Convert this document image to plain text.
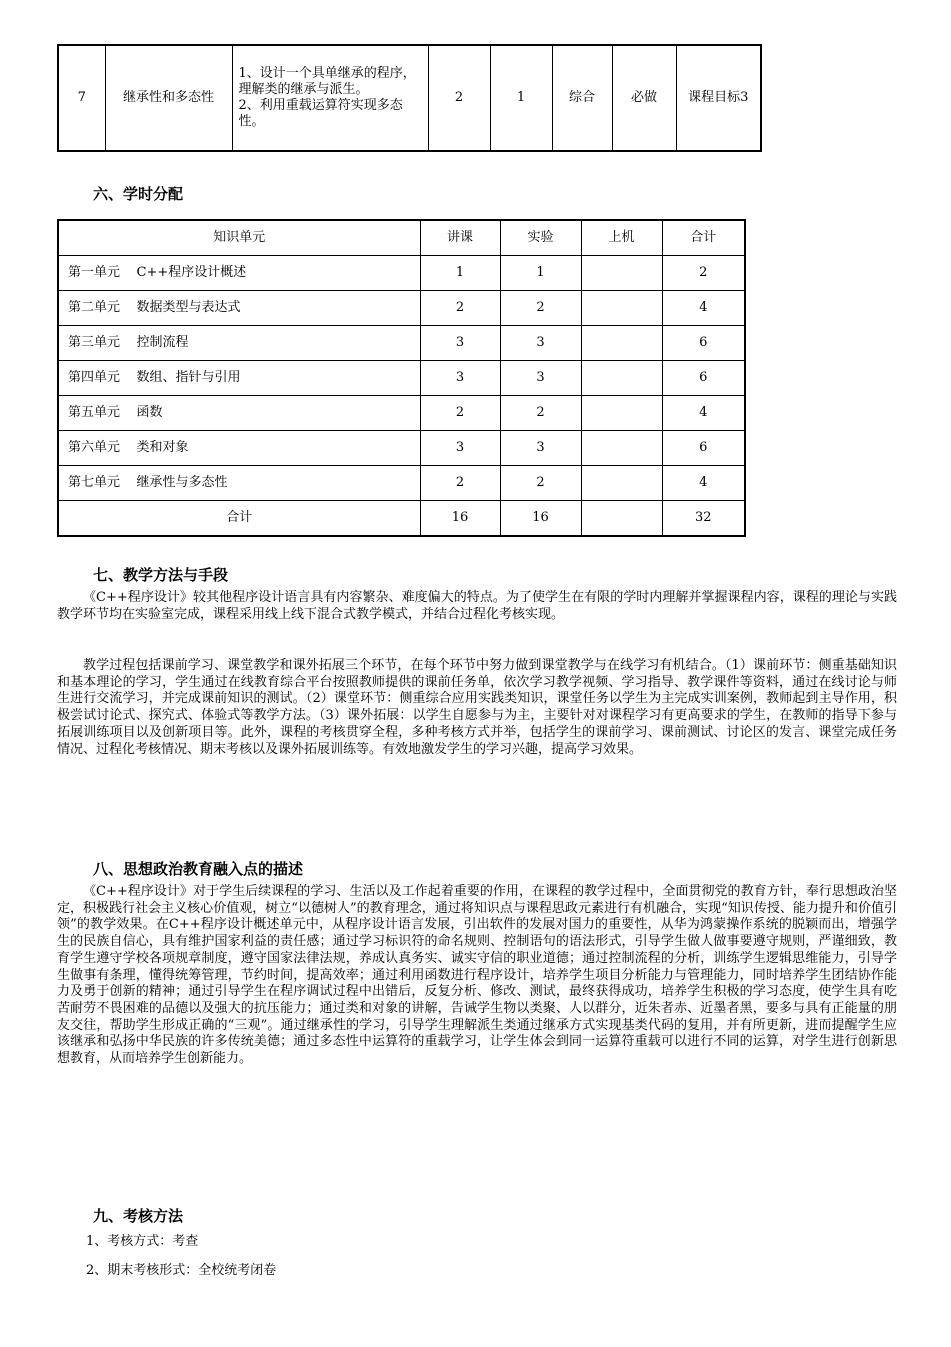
7	继承性和多态性	1、设计一个具单继承的程序，理解类的继承与派生。
2、利用重载运算符实现多态性。	2	1	综合	必做	课程目标3
六、学时分配
知识单元	讲课	实验	上机	合计
第一单元    C++程序设计概述	1	1		2
第二单元    数据类型与表达式	2	2		4
第三单元    控制流程	3	3		6
第四单元    数组、指针与引用	3	3		6
第五单元    函数	2	2		4
第六单元    类和对象	3	3		6
第七单元    继承性与多态性	2	2		4
合计	16	16		32
七、教学方法与手段

《C++程序设计》较其他程序设计语言具有内容繁杂、难度偏大的特点。为了使学生在有限的学时内理解并掌握课程内容，课程的理论与实践教学环节均在实验室完成，课程采用线上线下混合式教学模式，并结合过程化考核实现。

教学过程包括课前学习、课堂教学和课外拓展三个环节，在每个环节中努力做到课堂教学与在线学习有机结合。（1）课前环节：侧重基础知识和基本理论的学习，学生通过在线教育综合平台按照教师提供的课前任务单，依次学习教学视频、学习指导、教学课件等资料，通过在线讨论与师生进行交流学习，并完成课前知识的测试。（2）课堂环节：侧重综合应用实践类知识，课堂任务以学生为主完成实训案例，教师起到主导作用，积极尝试讨论式、探究式、体验式等教学方法。（3）课外拓展：以学生自愿参与为主，主要针对对课程学习有更高要求的学生，在教师的指导下参与拓展训练项目以及创新项目等。此外，课程的考核贯穿全程，多种考核方式并举，包括学生的课前学习、课前测试、讨论区的发言、课堂完成任务情况、过程化考核情况、期末考核以及课外拓展训练等。有效地激发学生的学习兴趣，提高学习效果。

八、思想政治教育融入点的描述

《C++程序设计》对于学生后续课程的学习、生活以及工作起着重要的作用，在课程的教学过程中，全面贯彻党的教育方针，奉行思想政治坚定，积极践行社会主义核心价值观，树立“以德树人”的教育理念，通过将知识点与课程思政元素进行有机融合，实现“知识传授、能力提升和价值引领”的教学效果。在C++程序设计概述单元中，从程序设计语言发展，引出软件的发展对国力的重要性，从华为鸿蒙操作系统的脱颖而出，增强学生的民族自信心，具有维护国家利益的责任感；通过学习标识符的命名规则、控制语句的语法形式，引导学生做人做事要遵守规则，严谨细致，教育学生遵守学校各项规章制度，遵守国家法律法规，养成认真务实、诚实守信的职业道德；通过控制流程的分析，训练学生逻辑思维能力，引导学生做事有条理，懂得统筹管理，节约时间，提高效率；通过利用函数进行程序设计，培养学生项目分析能力与管理能力，同时培养学生团结协作能力及勇于创新的精神；通过引导学生在程序调试过程中出错后，反复分析、修改、测试，最终获得成功，培养学生积极的学习态度，使学生具有吃苦耐劳不畏困难的品德以及强大的抗压能力；通过类和对象的讲解，告诫学生物以类聚、人以群分，近朱者赤、近墨者黑，要多与具有正能量的朋友交往，帮助学生形成正确的“三观”。通过继承性的学习，引导学生理解派生类通过继承方式实现基类代码的复用，并有所更新，进而提醒学生应该继承和弘扬中华民族的许多传统美德；通过多态性中运算符的重载学习，让学生体会到同一运算符重载可以进行不同的运算，对学生进行创新思想教育，从而培养学生创新能力。

九、考核方法
1、考核方式：考查
2、期末考核形式：全校统考闭卷
